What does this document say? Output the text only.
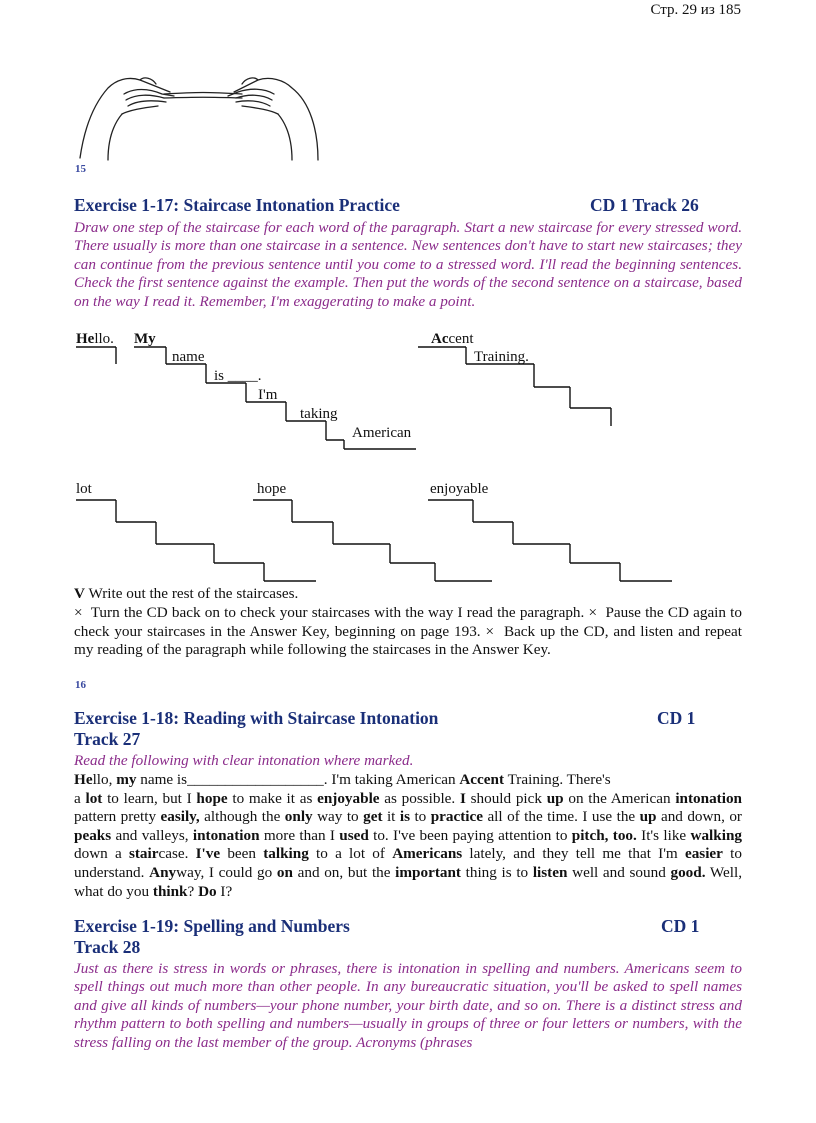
Стр. 29 из 185
15
Exercise 1-17: Staircase Intonation Practice	CD 1 Track 26
Draw one step of the staircase for each word of the paragraph. Start a new staircase for every stressed word. There usually is more than one staircase in a sentence. New sentences don't have to start new staircases; they can continue from the previous sentence until you come to a stressed word. I'll read the beginning sentences. Check the first sentence against the example. Then put the words of the second sentence on a staircase, based on the way I read it. Remember, I'm exaggerating to make a point.
Hello. My
name
is ____.
I'm
taking
American
Accent
Training.
lot	hope	enjoyable
V Write out the rest of the staircases.
× Turn the CD back on to check your staircases with the way I read the paragraph. × Pause the CD again to check your staircases in the Answer Key, beginning on page 193. × Back up the CD, and listen and repeat my reading of the paragraph while following the staircases in the Answer Key.
16
Exercise 1-18: Reading with Staircase Intonation	CD 1

Track 27
Read the following with clear intonation where marked.
Hello, my name is__________________. I'm taking American Accent Training. There's
a lot to learn, but I hope to make it as enjoyable as possible. I should pick up on the American intonation pattern pretty easily, although the only way to get it is to practice all of the time. I use the up and down, or peaks and valleys, intonation more than I used to. I've been paying attention to pitch, too. It's like walking down a staircase. I've been talking to a lot of Americans lately, and they tell me that I'm easier to understand. Anyway, I could go on and on, but the important thing is to listen well and sound good. Well, what do you think? Do I?
Exercise 1-19: Spelling and Numbers	CD 1

Track 28
Just as there is stress in words or phrases, there is intonation in spelling and numbers. Americans seem to spell things out much more than other people. In any bureaucratic situation, you'll be asked to spell names and give all kinds of numbers—your phone number, your birth date, and so on. There is a distinct stress and rhythm pattern to both spelling and numbers—usually in groups of three or four letters or numbers, with the stress falling on the last member of the group. Acronyms (phrases
